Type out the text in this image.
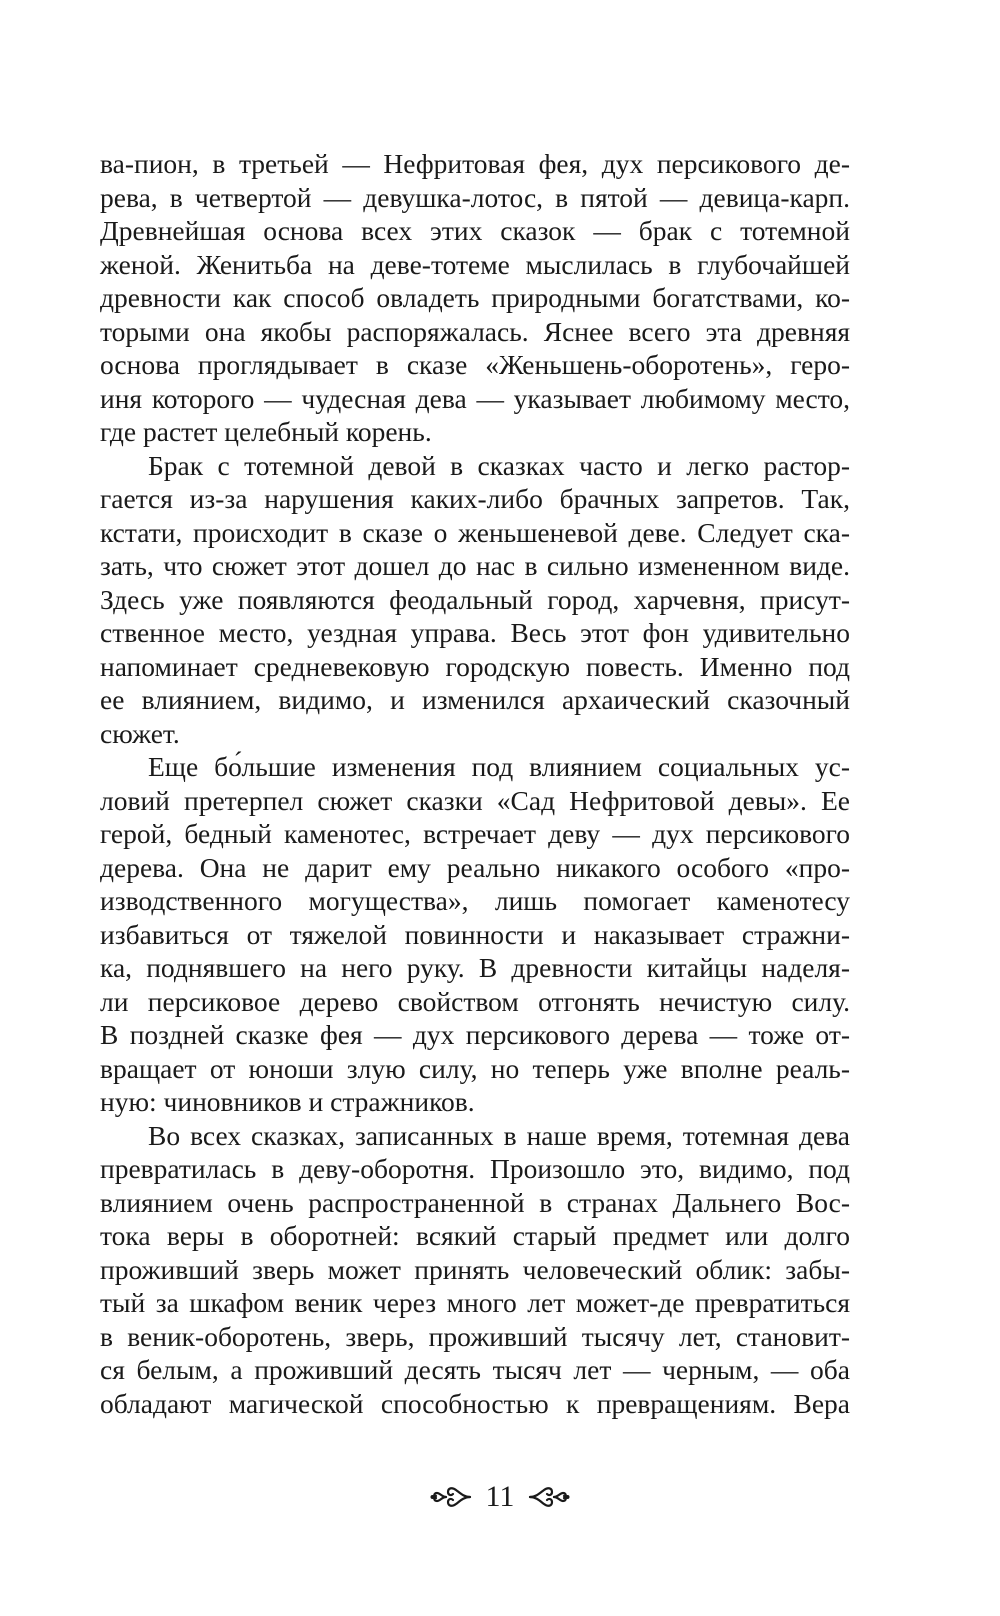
ва-пион, в третьей — Нефритовая фея, дух персикового де-
рева, в четвертой — девушка-лотос, в пятой — девица-карп.
Древнейшая основа всех этих сказок — брак с тотемной
женой. Женитьба на деве-тотеме мыслилась в глубочайшей
древности как способ овладеть природными богатствами, ко-
торыми она якобы распоряжалась. Яснее всего эта древняя
основа проглядывает в сказе «Женьшень-оборотень», геро-
иня которого — чудесная дева — указывает любимому место,
где растет целебный корень.
Брак с тотемной девой в сказках часто и легко растор-
гается из-за нарушения каких-либо брачных запретов. Так,
кстати, происходит в сказе о женьшеневой деве. Следует ска-
зать, что сюжет этот дошел до нас в сильно измененном виде.
Здесь уже появляются феодальный город, харчевня, присут-
ственное место, уездная управа. Весь этот фон удивительно
напоминает средневековую городскую повесть. Именно под
ее влиянием, видимо, и изменился архаический сказочный
сюжет.
Еще бо́льшие изменения под влиянием социальных ус-
ловий претерпел сюжет сказки «Сад Нефритовой девы». Ее
герой, бедный каменотес, встречает деву — дух персикового
дерева. Она не дарит ему реально никакого особого «про-
изводственного могущества», лишь помогает каменотесу
избавиться от тяжелой повинности и наказывает стражни-
ка, поднявшего на него руку. В древности китайцы наделя-
ли персиковое дерево свойством отгонять нечистую силу.
В поздней сказке фея — дух персикового дерева — тоже от-
вращает от юноши злую силу, но теперь уже вполне реаль-
ную: чиновников и стражников.
Во всех сказках, записанных в наше время, тотемная дева
превратилась в деву-оборотня. Произошло это, видимо, под
влиянием очень распространенной в странах Дальнего Вос-
тока веры в оборотней: всякий старый предмет или долго
проживший зверь может принять человеческий облик: забы-
тый за шкафом веник через много лет может-де превратиться
в веник-оборотень, зверь, проживший тысячу лет, становит-
ся белым, а проживший десять тысяч лет — черным, — оба
обладают магической способностью к превращениям. Вера
11
